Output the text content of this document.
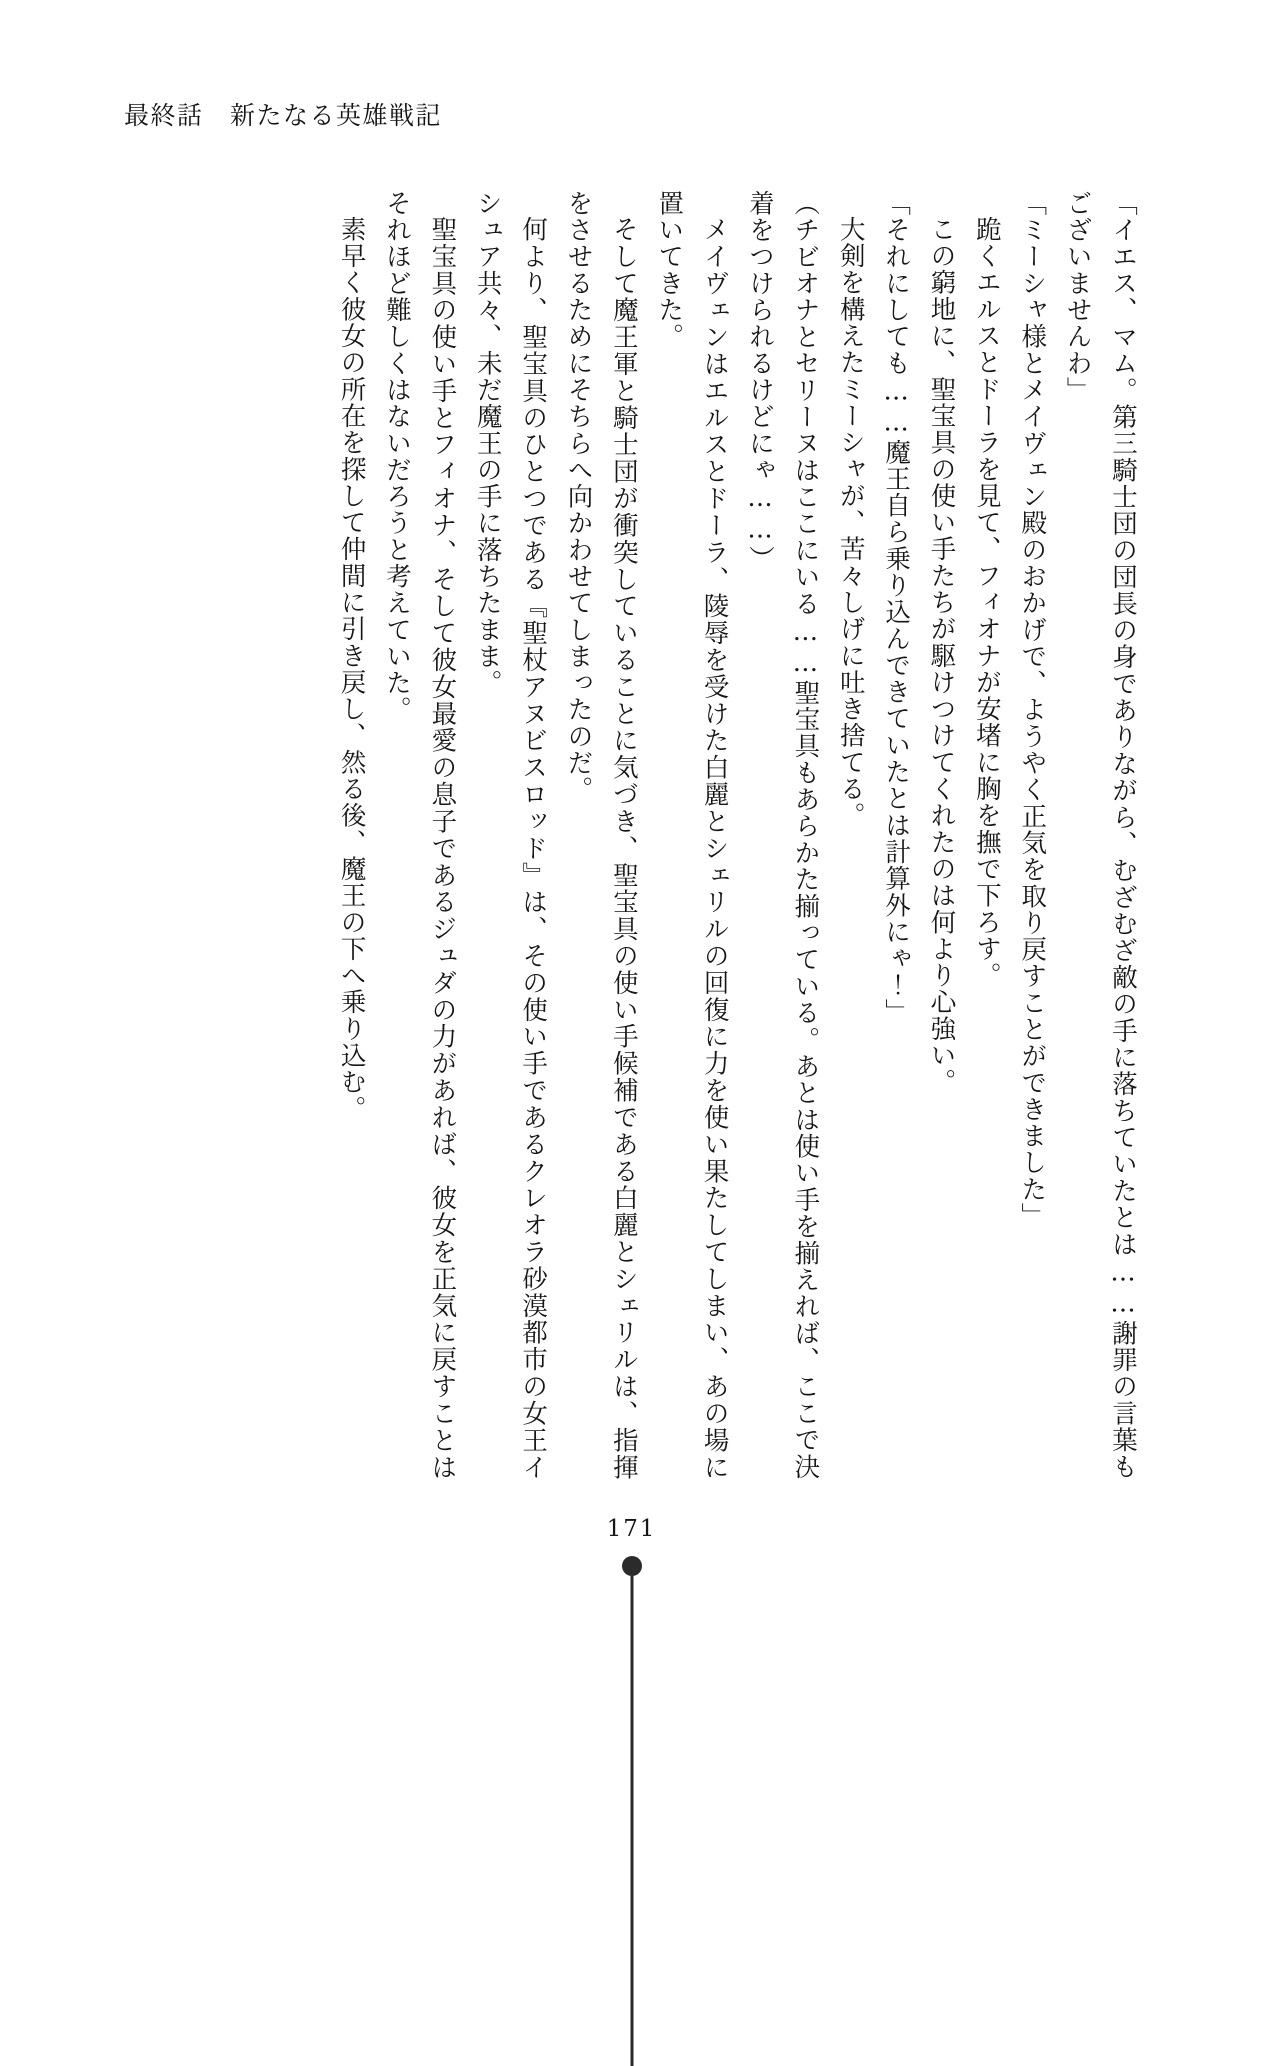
最終話　新たなる英雄戦記

「イエス、マム。第三騎士団の団長の身でありながら、むざむざ敵の手に落ちていたとは……謝罪の言葉もございませんわ」

「ミーシャ様とメイヴェン殿のおかげで、ようやく正気を取り戻すことができました」

跪くエルスとドーラを見て、フィオナが安堵に胸を撫で下ろす。

この窮地に、聖宝具の使い手たちが駆けつけてくれたのは何より心強い。

「それにしても……魔王自ら乗り込んできていたとは計算外にゃ！」

大剣を構えたミーシャが、苦々しげに吐き捨てる。

（チビオナとセリーヌはここにいる……聖宝具もあらかた揃っている。あとは使い手を揃えれば、ここで決着をつけられるけどにゃ……）

メイヴェンはエルスとドーラ、陵辱を受けた白麗とシェリルの回復に力を使い果たしてしまい、あの場に置いてきた。

そして魔王軍と騎士団が衝突していることに気づき、聖宝具の使い手候補である白麗とシェリルは、指揮をさせるためにそちらへ向かわせてしまったのだ。

何より、聖宝具のひとつである『聖杖アヌビスロッド』は、その使い手であるクレオラ砂漠都市の女王イシュア共々、未だ魔王の手に落ちたまま。

聖宝具の使い手とフィオナ、そして彼女最愛の息子であるジュダの力があれば、彼女を正気に戻すことはそれほど難しくはないだろうと考えていた。

素早く彼女の所在を探して仲間に引き戻し、然る後、魔王の下へ乗り込む。

171
